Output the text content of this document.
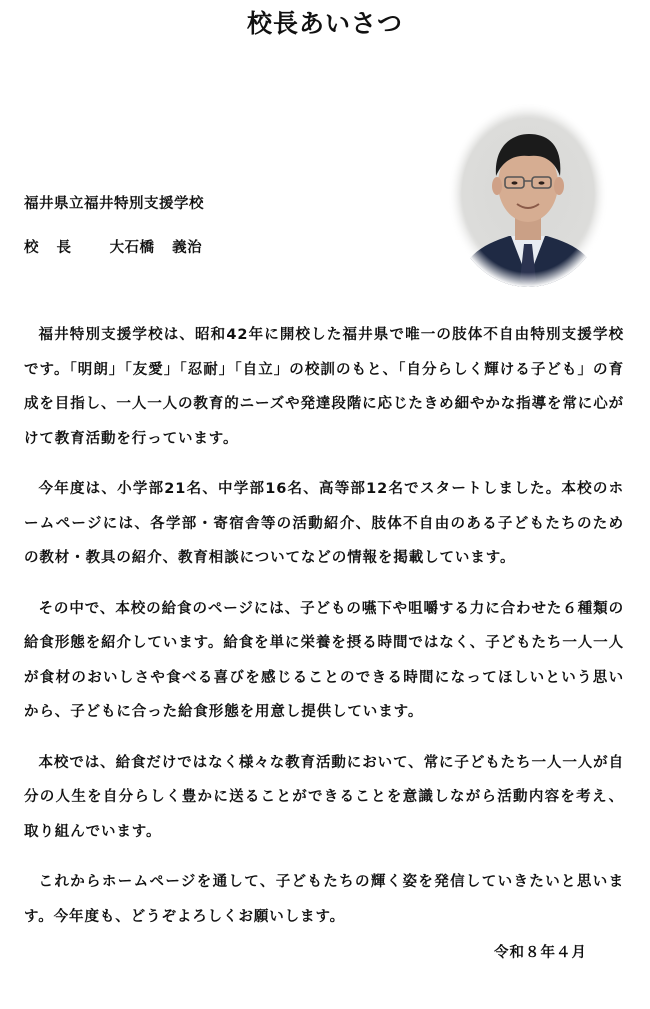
校長あいさつ
福井県立福井特別支援学校
校長 大石橋 義治

福井特別支援学校は、昭和42年に開校した福井県で唯一の肢体不自由特別支援学校です。「明朗」「友愛」「忍耐」「自立」の校訓のもと、「自分らしく輝ける子ども」の育成を目指し、一人一人の教育的ニーズや発達段階に応じたきめ細やかな指導を常に心がけて教育活動を行っています。

今年度は、小学部21名、中学部16名、高等部12名でスタートしました。本校のホームページには、各学部・寄宿舎等の活動紹介、肢体不自由のある子どもたちのための教材・教具の紹介、教育相談についてなどの情報を掲載しています。

その中で、本校の給食のページには、子どもの嚥下や咀嚼する力に合わせた６種類の給食形態を紹介しています。給食を単に栄養を摂る時間ではなく、子どもたち一人一人が食材のおいしさや食べる喜びを感じることのできる時間になってほしいという思いから、子どもに合った給食形態を用意し提供しています。

本校では、給食だけではなく様々な教育活動において、常に子どもたち一人一人が自分の人生を自分らしく豊かに送ることができることを意識しながら活動内容を考え、取り組んでいます。

これからホームページを通して、子どもたちの輝く姿を発信していきたいと思います。今年度も、どうぞよろしくお願いします。

令和８年４月
